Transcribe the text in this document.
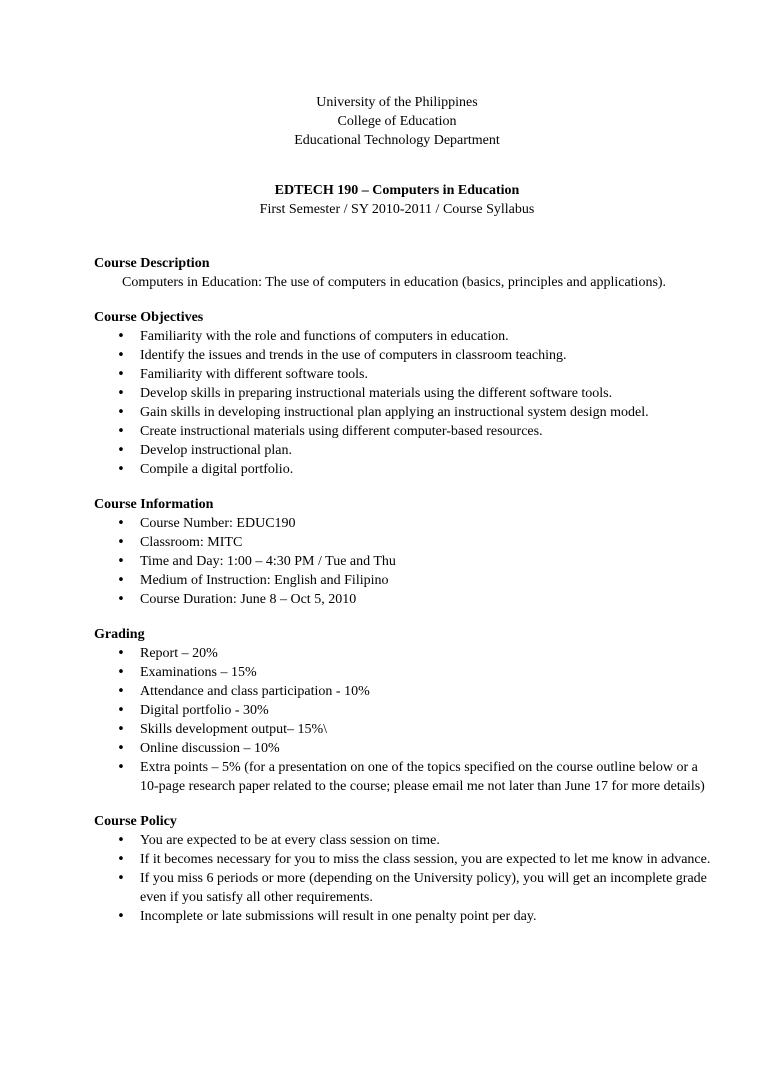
University of the Philippines
College of Education
Educational Technology Department
EDTECH 190 – Computers in Education
First Semester / SY 2010-2011 / Course Syllabus
Course Description
Computers in Education: The use of computers in education (basics, principles and applications).
Course Objectives
• Familiarity with the role and functions of computers in education.
• Identify the issues and trends in the use of computers in classroom teaching.
• Familiarity with different software tools.
• Develop skills in preparing instructional materials using the different software tools.
• Gain skills in developing instructional plan applying an instructional system design model.
• Create instructional materials using different computer-based resources.
• Develop instructional plan.
• Compile a digital portfolio.
Course Information
• Course Number: EDUC190
• Classroom: MITC
• Time and Day: 1:00 – 4:30 PM / Tue and Thu
• Medium of Instruction: English and Filipino
• Course Duration: June 8 – Oct 5, 2010
Grading
• Report – 20%
• Examinations – 15%
• Attendance and class participation - 10%
• Digital portfolio - 30%
• Skills development output– 15%\
• Online discussion – 10%
• Extra points – 5% (for a presentation on one of the topics specified on the course outline below or a 10-page research paper related to the course; please email me not later than June 17 for more details)
Course Policy
• You are expected to be at every class session on time.
• If it becomes necessary for you to miss the class session, you are expected to let me know in advance.
• If you miss 6 periods or more (depending on the University policy), you will get an incomplete grade even if you satisfy all other requirements.
• Incomplete or late submissions will result in one penalty point per day.
